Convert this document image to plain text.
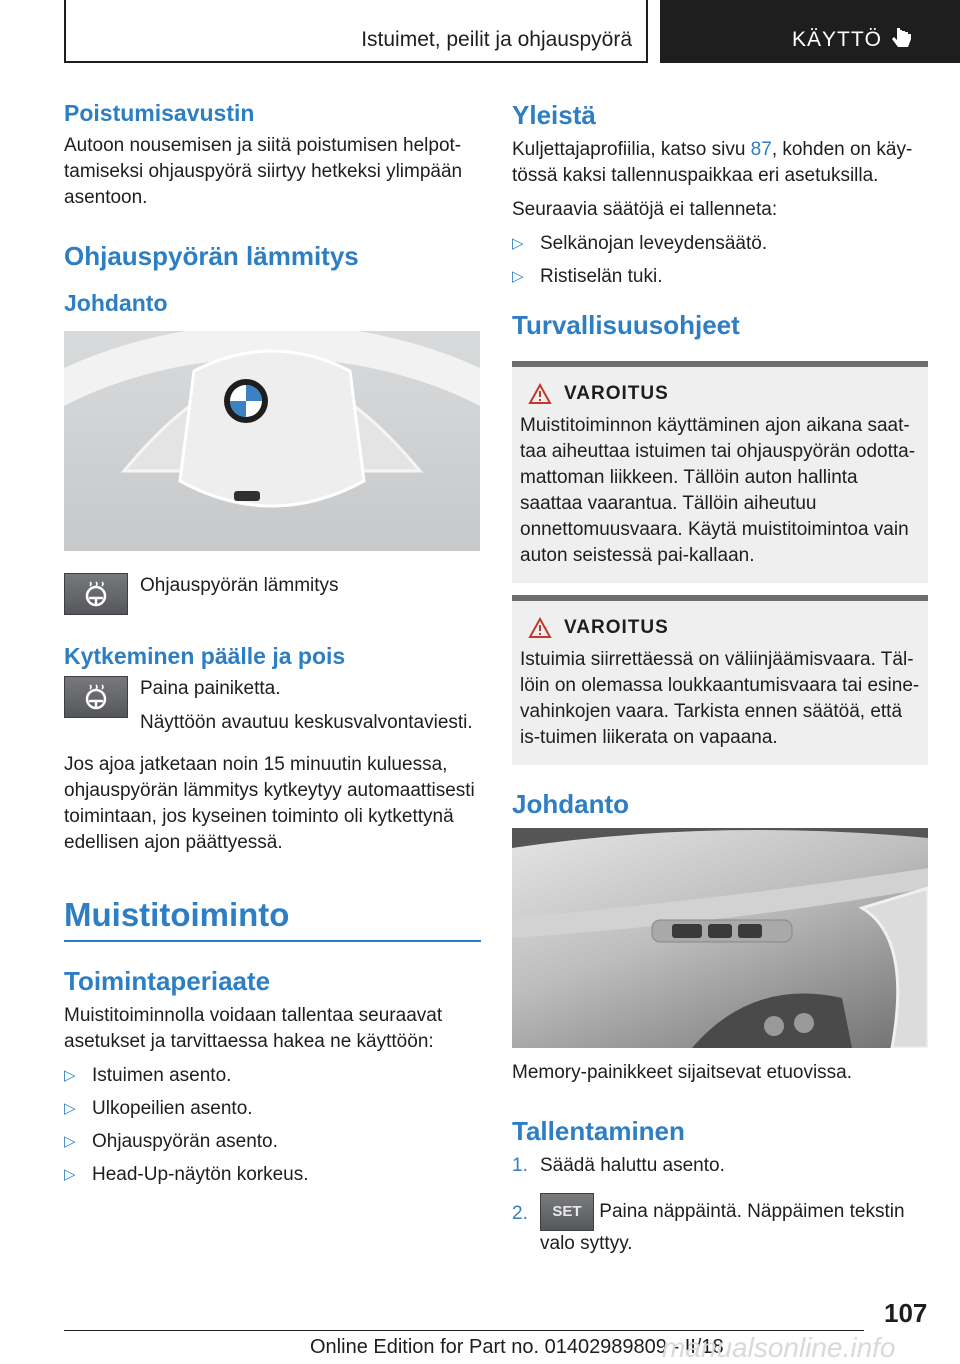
Istuimet, peilit ja ohjauspyörä	KÄYTTÖ
Poistumisavustin

Autoon nousemisen ja siitä poistumisen helpot-tamiseksi ohjauspyörä siirtyy hetkeksi ylimpään asentoon.

Ohjauspyörän lämmitys
Johdanto

Ohjauspyörän lämmitys

Kytkeminen päälle ja pois

Paina painiketta.

Näyttöön avautuu keskusvalvontaviesti.

Jos ajoa jatketaan noin 15 minuutin kuluessa, ohjauspyörän lämmitys kytkeytyy automaattisesti toimintaan, jos kyseinen toiminto oli kytkettynä edellisen ajon päättyessä.

Muistitoiminto
Toimintaperiaate

Muistitoiminnolla voidaan tallentaa seuraavat asetukset ja tarvittaessa hakea ne käyttöön:

▷ Istuimen asento.
▷ Ulkopeilien asento.
▷ Ohjauspyörän asento.
▷ Head-Up-näytön korkeus.
Yleistä

Kuljettajaprofiilia, katso sivu 87, kohden on käy-tössä kaksi tallennuspaikkaa eri asetuksilla.

Seuraavia säätöjä ei tallenneta:

▷ Selkänojan leveydensäätö.
▷ Ristiselän tuki.
Turvallisuusohjeet
VAROITUS

Muistitoiminnon käyttäminen ajon aikana saat-taa aiheuttaa istuimen tai ohjauspyörän odotta-mattoman liikkeen. Tällöin auton hallinta saattaa vaarantua. Tällöin aiheutuu onnettomuusvaara. Käytä muistitoimintoa vain auton seistessä pai-kallaan.

VAROITUS

Istuimia siirrettäessä on väliinjäämisvaara. Täl-löin on olemassa loukkaantumisvaara tai esine-vahinkojen vaara. Tarkista ennen säätöä, että is-tuimen liikerata on vapaana.

Johdanto

Memory-painikkeet sijaitsevat etuovissa.

Tallentaminen
1. Säädä haluttu asento.
2. SET Paina näppäintä. Näppäimen tekstin valo syttyy.
107
Online Edition for Part no. 01402989809 - II/18
manualsonline.info
